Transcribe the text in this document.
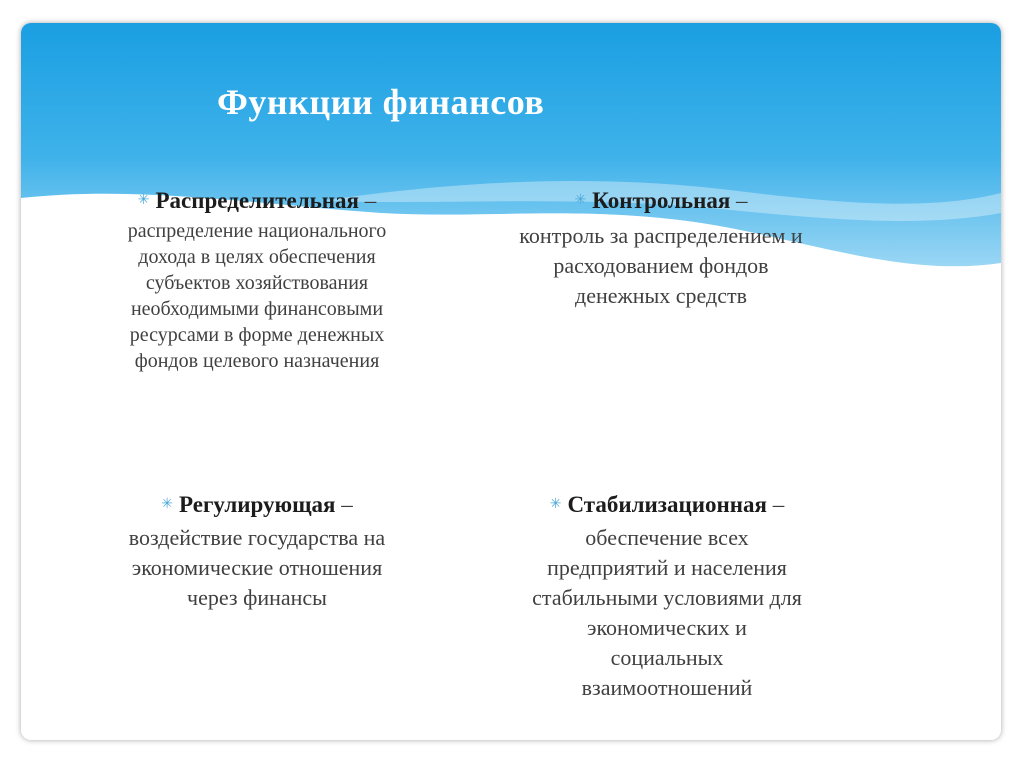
Функции финансов
✳ Распределительная –
распределение национального
дохода в целях обеспечения
субъектов хозяйствования
необходимыми финансовыми
ресурсами в форме денежных
фондов целевого назначения
✳ Контрольная –
контроль за распределением и
расходованием фондов
денежных средств
✳ Регулирующая –
воздействие государства на
экономические отношения
через финансы
✳ Стабилизационная –
обеспечение всех
предприятий и населения
стабильными условиями для
экономических и
социальных
взаимоотношений
